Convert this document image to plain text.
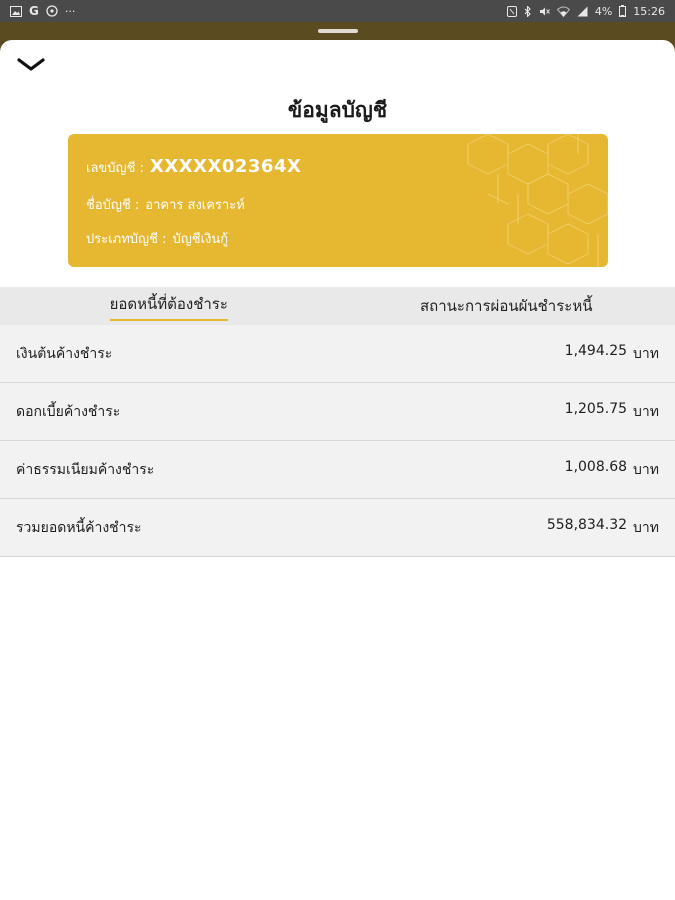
G ···	4% 15:26
ข้อมูลบัญชี
เลขบัญชี : XXXXX02364X
ชื่อบัญชี : อาคาร สงเคราะห์
ประเภทบัญชี : บัญชีเงินกู้
ยอดหนี้ที่ต้องชำระ	สถานะการผ่อนผันชำระหนี้
เงินต้นค้างชำระ	1,494.25 บาท
ดอกเบี้ยค้างชำระ	1,205.75 บาท
ค่าธรรมเนียมค้างชำระ	1,008.68 บาท
รวมยอดหนี้ค้างชำระ	558,834.32 บาท
